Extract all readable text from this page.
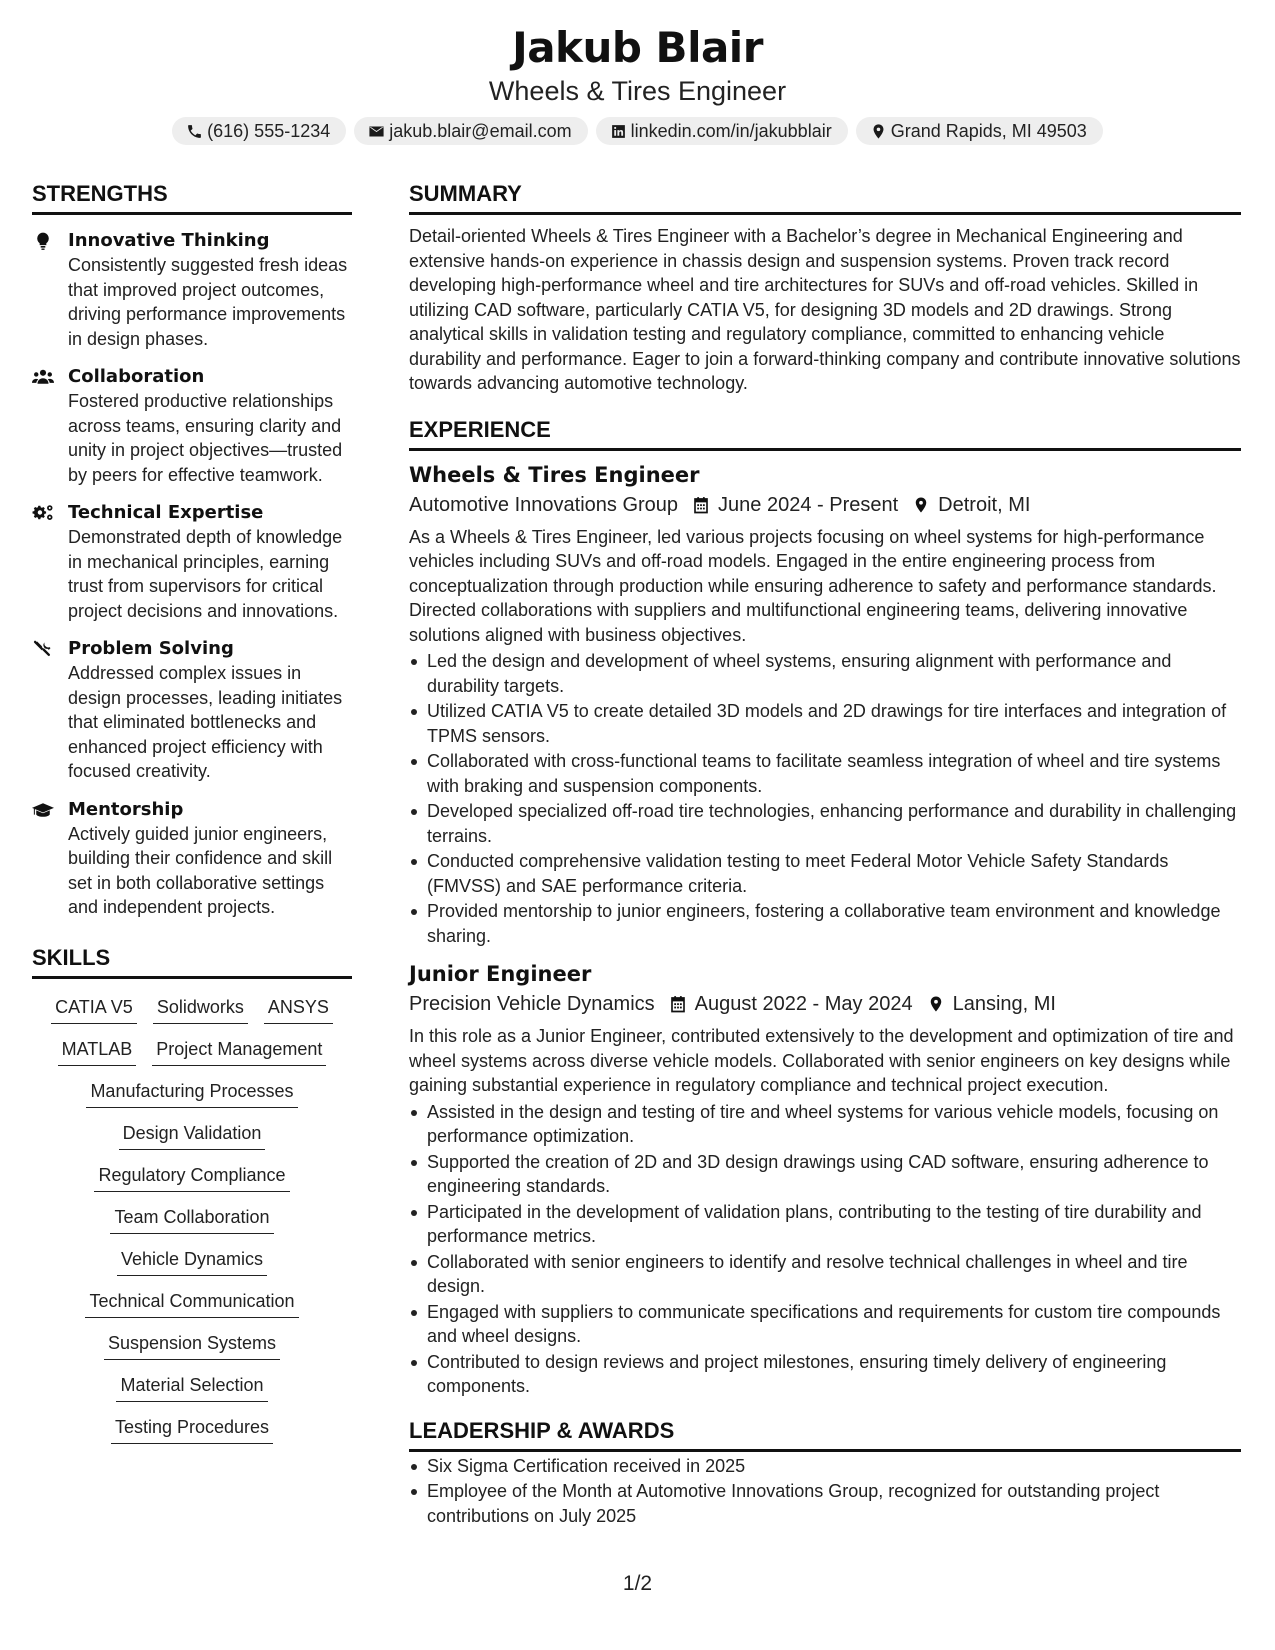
Jakub Blair
Wheels & Tires Engineer
(616) 555-1234	jakub.blair@email.com	linkedin.com/in/jakubblair	Grand Rapids, MI 49503
STRENGTHS
Innovative Thinking
Consistently suggested fresh ideas that improved project outcomes, driving performance improvements in design phases.
Collaboration
Fostered productive relationships across teams, ensuring clarity and unity in project objectives—trusted by peers for effective teamwork.
Technical Expertise
Demonstrated depth of knowledge in mechanical principles, earning trust from supervisors for critical project decisions and innovations.
Problem Solving
Addressed complex issues in design processes, leading initiates that eliminated bottlenecks and enhanced project efficiency with focused creativity.
Mentorship
Actively guided junior engineers, building their confidence and skill set in both collaborative settings and independent projects.
SKILLS
CATIA V5 Solidworks ANSYS
MATLAB Project Management
Manufacturing Processes
Design Validation
Regulatory Compliance
Team Collaboration
Vehicle Dynamics
Technical Communication
Suspension Systems
Material Selection
Testing Procedures
SUMMARY
Detail-oriented Wheels & Tires Engineer with a Bachelor’s degree in Mechanical Engineering and extensive hands-on experience in chassis design and suspension systems. Proven track record developing high-performance wheel and tire architectures for SUVs and off-road vehicles. Skilled in utilizing CAD software, particularly CATIA V5, for designing 3D models and 2D drawings. Strong analytical skills in validation testing and regulatory compliance, committed to enhancing vehicle durability and performance. Eager to join a forward-thinking company and contribute innovative solutions towards advancing automotive technology.
EXPERIENCE
Wheels & Tires Engineer
Automotive Innovations Group June 2024 - Present Detroit, MI
As a Wheels & Tires Engineer, led various projects focusing on wheel systems for high-performance vehicles including SUVs and off-road models. Engaged in the entire engineering process from conceptualization through production while ensuring adherence to safety and performance standards. Directed collaborations with suppliers and multifunctional engineering teams, delivering innovative solutions aligned with business objectives.
Led the design and development of wheel systems, ensuring alignment with performance and durability targets.
Utilized CATIA V5 to create detailed 3D models and 2D drawings for tire interfaces and integration of TPMS sensors.
Collaborated with cross-functional teams to facilitate seamless integration of wheel and tire systems with braking and suspension components.
Developed specialized off-road tire technologies, enhancing performance and durability in challenging terrains.
Conducted comprehensive validation testing to meet Federal Motor Vehicle Safety Standards (FMVSS) and SAE performance criteria.
Provided mentorship to junior engineers, fostering a collaborative team environment and knowledge sharing.
Junior Engineer
Precision Vehicle Dynamics August 2022 - May 2024 Lansing, MI
In this role as a Junior Engineer, contributed extensively to the development and optimization of tire and wheel systems across diverse vehicle models. Collaborated with senior engineers on key designs while gaining substantial experience in regulatory compliance and technical project execution.
Assisted in the design and testing of tire and wheel systems for various vehicle models, focusing on performance optimization.
Supported the creation of 2D and 3D design drawings using CAD software, ensuring adherence to engineering standards.
Participated in the development of validation plans, contributing to the testing of tire durability and performance metrics.
Collaborated with senior engineers to identify and resolve technical challenges in wheel and tire design.
Engaged with suppliers to communicate specifications and requirements for custom tire compounds and wheel designs.
Contributed to design reviews and project milestones, ensuring timely delivery of engineering components.
LEADERSHIP & AWARDS
Six Sigma Certification received in 2025
Employee of the Month at Automotive Innovations Group, recognized for outstanding project contributions on July 2025
1/2
